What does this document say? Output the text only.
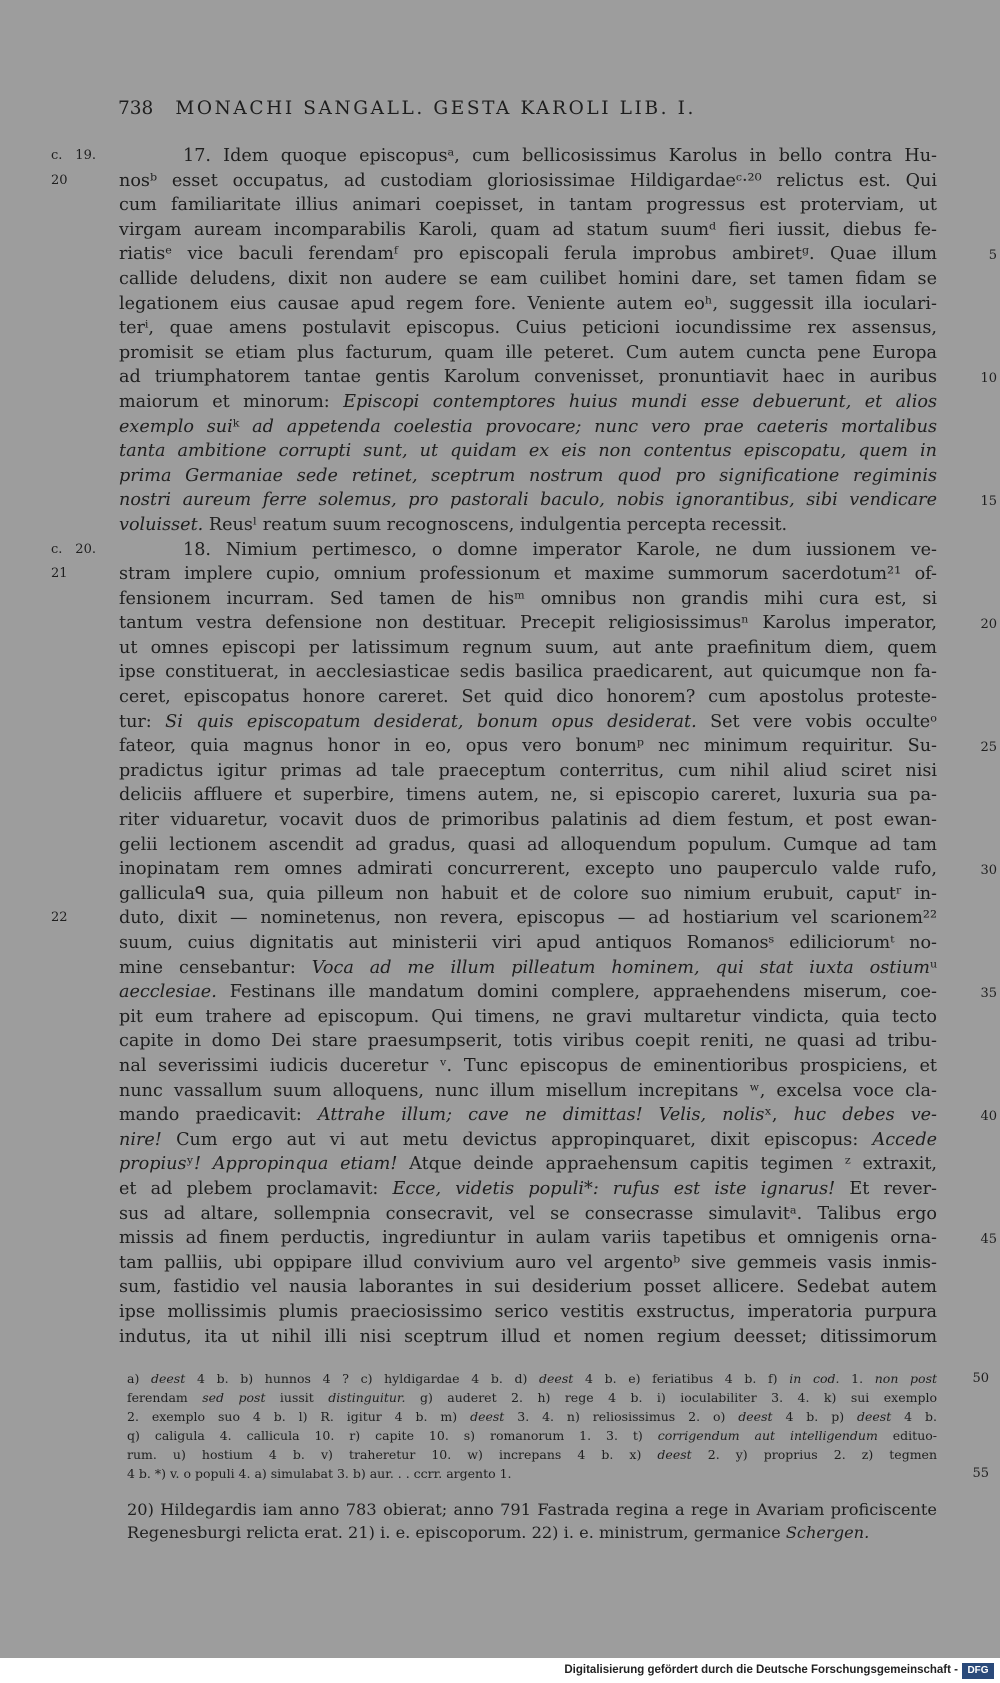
738 MONACHI SANGALL. GESTA KAROLI LIB. I.
c. 19.	17. Idem quoque episcopusᵃ, cum bellicosissimus Karolus in bello contra Hu-
20	nosᵇ esset occupatus, ad custodiam gloriosissimae Hildigardaeᶜ·²⁰ relictus est. Qui
cum familiaritate illius animari coepisset, in tantam progressus est proterviam, ut
virgam auream incomparabilis Karoli, quam ad statum suumᵈ fieri iussit, diebus fe-
riatisᵉ vice baculi ferendamᶠ pro episcopali ferula improbus ambiretᵍ. Quae illum	5
callide deludens, dixit non audere se eam cuilibet homini dare, set tamen fidam se
legationem eius causae apud regem fore. Veniente autem eoʰ, suggessit illa ioculari-
terⁱ, quae amens postulavit episcopus. Cuius peticioni iocundissime rex assensus,
promisit se etiam plus facturum, quam ille peteret. Cum autem cuncta pene Europa
ad triumphatorem tantae gentis Karolum convenisset, pronuntiavit haec in auribus	10
maiorum et minorum: Episcopi contemptores huius mundi esse debuerunt, et alios
exemplo suiᵏ ad appetenda coelestia provocare; nunc vero prae caeteris mortalibus
tanta ambitione corrupti sunt, ut quidam ex eis non contentus episcopatu, quem in
prima Germaniae sede retinet, sceptrum nostrum quod pro significatione regiminis
nostri aureum ferre solemus, pro pastorali baculo, nobis ignorantibus, sibi vendicare	15
voluisset. Reusˡ reatum suum recognoscens, indulgentia percepta recessit.
c. 20.	18. Nimium pertimesco, o domne imperator Karole, ne dum iussionem ve-
21	stram implere cupio, omnium professionum et maxime summorum sacerdotum²¹ of-
fensionem incurram. Sed tamen de hisᵐ omnibus non grandis mihi cura est, si
tantum vestra defensione non destituar. Precepit religiosissimusⁿ Karolus imperator,	20
ut omnes episcopi per latissimum regnum suum, aut ante praefinitum diem, quem
ipse constituerat, in aecclesiasticae sedis basilica praedicarent, aut quicumque non fa-
ceret, episcopatus honore careret. Set quid dico honorem? cum apostolus proteste-
tur: Si quis episcopatum desiderat, bonum opus desiderat. Set vere vobis occulteᵒ
fateor, quia magnus honor in eo, opus vero bonumᵖ nec minimum requiritur. Su-	25
pradictus igitur primas ad tale praeceptum conterritus, cum nihil aliud sciret nisi
deliciis affluere et superbire, timens autem, ne, si episcopio careret, luxuria sua pa-
riter viduaretur, vocavit duos de primoribus palatinis ad diem festum, et post ewan-
gelii lectionem ascendit ad gradus, quasi ad alloquendum populum. Cumque ad tam
inopinatam rem omnes admirati concurrerent, excepto uno pauperculo valde rufo,	30
galliculaᑫ sua, quia pilleum non habuit et de colore suo nimium erubuit, caputʳ in-
22	duto, dixit — nominetenus, non revera, episcopus — ad hostiarium vel scarionem²²
suum, cuius dignitatis aut ministerii viri apud antiquos Romanosˢ ediliciorumᵗ no-
mine censebantur: Voca ad me illum pilleatum hominem, qui stat iuxta ostiumᵘ
aecclesiae. Festinans ille mandatum domini complere, appraehendens miserum, coe-	35
pit eum trahere ad episcopum. Qui timens, ne gravi multaretur vindicta, quia tecto
capite in domo Dei stare praesumpserit, totis viribus coepit reniti, ne quasi ad tribu-
nal severissimi iudicis duceretur ᵛ. Tunc episcopus de eminentioribus prospiciens, et
nunc vassallum suum alloquens, nunc illum misellum increpitans ʷ, excelsa voce cla-
mando praedicavit: Attrahe illum; cave ne dimittas! Velis, nolisˣ, huc debes ve-	40
nire! Cum ergo aut vi aut metu devictus appropinquaret, dixit episcopus: Accede
propiusʸ! Appropinqua etiam! Atque deinde appraehensum capitis tegimen ᶻ extraxit,
et ad plebem proclamavit: Ecce, videtis populi*: rufus est iste ignarus! Et rever-
sus ad altare, sollempnia consecravit, vel se consecrasse simulavitᵃ. Talibus ergo
missis ad finem perductis, ingrediuntur in aulam variis tapetibus et omnigenis orna-	45
tam palliis, ubi oppipare illud convivium auro vel argentoᵇ sive gemmeis vasis inmis-
sum, fastidio vel nausia laborantes in sui desiderium posset allicere. Sedebat autem
ipse mollissimis plumis praeciosissimo serico vestitis exstructus, imperatoria purpura
indutus, ita ut nihil illi nisi sceptrum illud et nomen regium deesset; ditissimorum
a) deest 4 b. b) hunnos 4 ? c) hyldigardae 4 b. d) deest 4 b. e) feriatibus 4 b. f) in cod. 1. non post	50
ferendam sed post iussit distinguitur. g) auderet 2. h) rege 4 b. i) ioculabiliter 3. 4. k) sui exemplo
2. exemplo suo 4 b. l) R. igitur 4 b. m) deest 3. 4. n) reliosissimus 2. o) deest 4 b. p) deest 4 b.
q) caligula 4. callicula 10. r) capite 10. s) romanorum 1. 3. t) corrigendum aut intelligendum edituo-
rum. u) hostium 4 b. v) traheretur 10. w) increpans 4 b. x) deest 2. y) proprius 2. z) tegmen
4 b. *) v. o populi 4. a) simulabat 3. b) aur. . . ccrr. argento 1.	55
20) Hildegardis iam anno 783 obierat; anno 791 Fastrada regina a rege in Avariam proficiscente
Regenesburgi relicta erat. 21) i. e. episcoporum. 22) i. e. ministrum, germanice Schergen.
Digitalisierung gefördert durch die Deutsche Forschungsgemeinschaft - DFG
